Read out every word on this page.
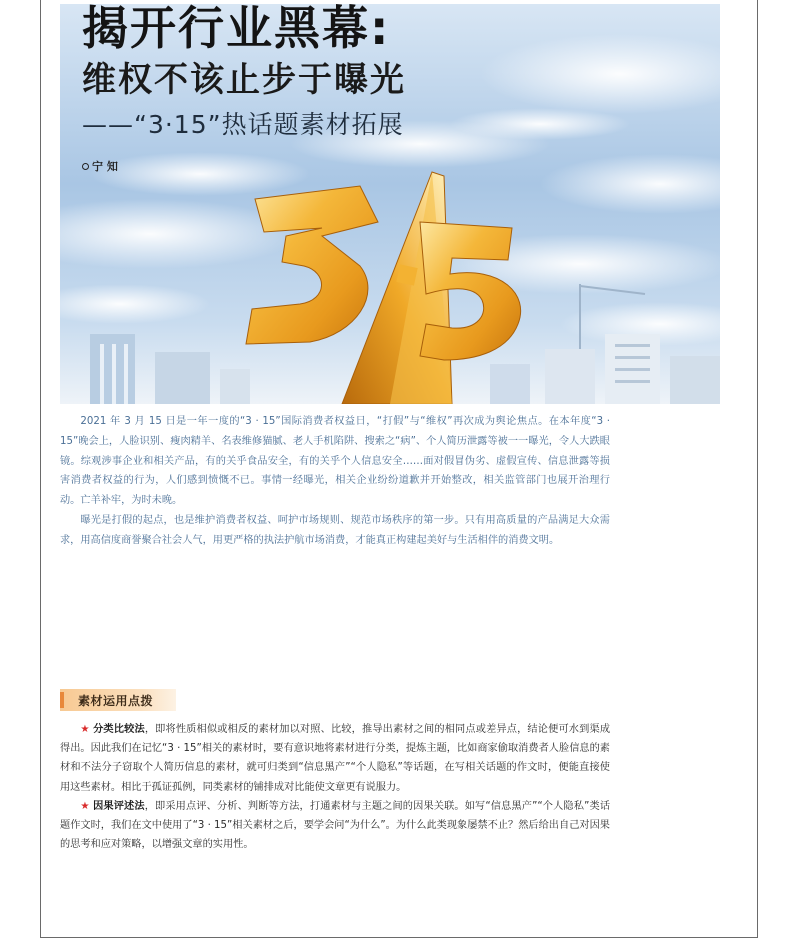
揭开行业黑幕:
维权不该止步于曝光
——“3·15”热话题素材拓展
宁 知

2021 年 3 月 15 日是一年一度的“3 · 15”国际消费者权益日，“打假”与“维权”再次成为舆论焦点。在本年度“3 · 15”晚会上，人脸识别、瘦肉精羊、名表维修猫腻、老人手机陷阱、搜索之“病”、个人简历泄露等被一一曝光，令人大跌眼镜。综观涉事企业和相关产品，有的关乎食品安全，有的关乎个人信息安全……面对假冒伪劣、虚假宣传、信息泄露等损害消费者权益的行为，人们感到愤慨不已。事情一经曝光，相关企业纷纷道歉并开始整改，相关监管部门也展开治理行动。亡羊补牢，为时未晚。

曝光是打假的起点，也是维护消费者权益、呵护市场规则、规范市场秩序的第一步。只有用高质量的产品满足大众需求，用高信度商誉聚合社会人气，用更严格的执法护航市场消费，才能真正构建起美好与生活相伴的消费文明。

素材运用点拨

★ 分类比较法，即将性质相似或相反的素材加以对照、比较，推导出素材之间的相同点或差异点，结论便可水到渠成得出。因此我们在记忆“3 · 15”相关的素材时，要有意识地将素材进行分类，提炼主题，比如商家偷取消费者人脸信息的素材和不法分子窃取个人简历信息的素材，就可归类到“信息黑产”“个人隐私”等话题，在写相关话题的作文时，便能直接使用这些素材。相比于孤证孤例，同类素材的铺排成对比能使文章更有说服力。

★ 因果评述法，即采用点评、分析、判断等方法，打通素材与主题之间的因果关联。如写“信息黑产”“个人隐私”类话题作文时，我们在文中使用了“3 · 15”相关素材之后，要学会问“为什么”。为什么此类现象屡禁不止？然后给出自己对因果的思考和应对策略，以增强文章的实用性。
